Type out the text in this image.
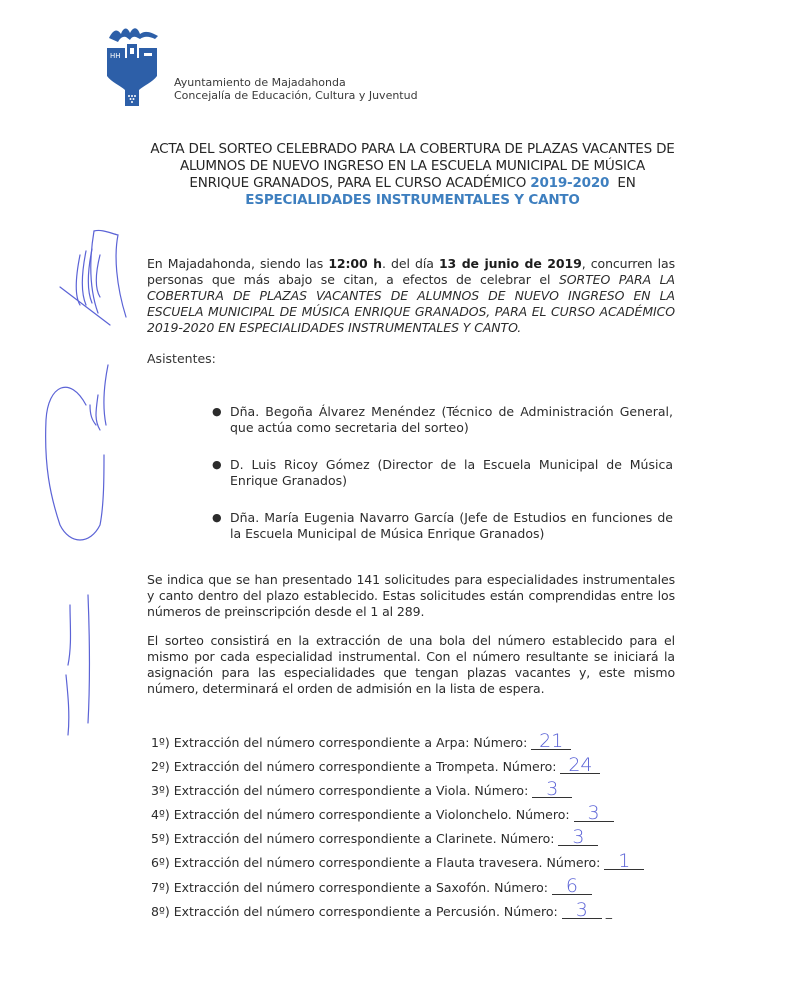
HH
Ayuntamiento de Majadahonda
Concejalía de Educación, Cultura y Juventud
ACTA DEL SORTEO CELEBRADO PARA LA COBERTURA DE PLAZAS VACANTES DE
ALUMNOS DE NUEVO INGRESO EN LA ESCUELA MUNICIPAL DE MÚSICA
ENRIQUE GRANADOS, PARA EL CURSO ACADÉMICO 2019-2020  EN
ESPECIALIDADES INSTRUMENTALES Y CANTO
En Majadahonda, siendo las 12:00 h. del día 13 de junio de 2019, concurren las personas que más abajo se citan, a efectos de celebrar el SORTEO PARA LA COBERTURA DE PLAZAS VACANTES DE ALUMNOS DE NUEVO INGRESO EN LA ESCUELA MUNICIPAL DE MÚSICA ENRIQUE GRANADOS, PARA EL CURSO ACADÉMICO 2019-2020 EN ESPECIALIDADES INSTRUMENTALES Y CANTO.
Asistentes:
● Dña. Begoña Álvarez Menéndez (Técnico de Administración General, que actúa como secretaria del sorteo)
● D. Luis Ricoy Gómez (Director de la Escuela Municipal de Música Enrique Granados)
● Dña. María Eugenia Navarro García (Jefe de Estudios en funciones de la Escuela Municipal de Música Enrique Granados)
Se indica que se han presentado 141 solicitudes para especialidades instrumentales y canto dentro del plazo establecido. Estas solicitudes están comprendidas entre los números de preinscripción desde el 1 al 289.
El sorteo consistirá en la extracción de una bola del número establecido para el mismo por cada especialidad instrumental. Con el número resultante se iniciará la asignación para las especialidades que tengan plazas vacantes y, este mismo número, determinará el orden de admisión en la lista de espera.
1º) Extracción del número correspondiente a Arpa: Número: 21
2º) Extracción del número correspondiente a Trompeta. Número: 24
3º) Extracción del número correspondiente a Viola. Número: 3
4º) Extracción del número correspondiente a Violonchelo. Número: 3
5º) Extracción del número correspondiente a Clarinete. Número: 3
6º) Extracción del número correspondiente a Flauta travesera. Número: 1
7º) Extracción del número correspondiente a Saxofón. Número: 6
8º) Extracción del número correspondiente a Percusión. Número: 3 _
